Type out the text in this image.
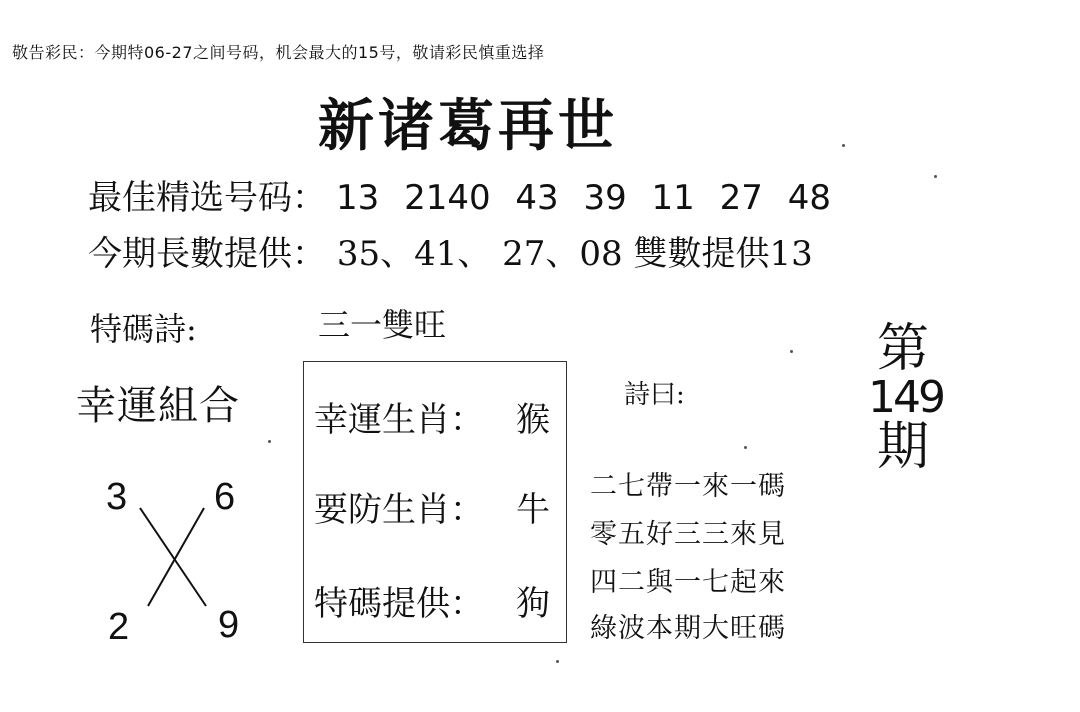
敬告彩民：今期特06-27之间号码，机会最大的15号，敬请彩民慎重选择
新诸葛再世
最佳精选号码： 13 2140 43 39 11 27 48
今期長數提供： 35、41、 27、08 雙數提供13
特碼詩:	三一雙旺
幸運組合
3 6
2 9
幸運生肖： 猴
要防生肖： 牛
特碼提供： 狗
詩曰:
二七帶一來一碼
零五好三三來見
四二與一七起來
綠波本期大旺碼
第
149
期
